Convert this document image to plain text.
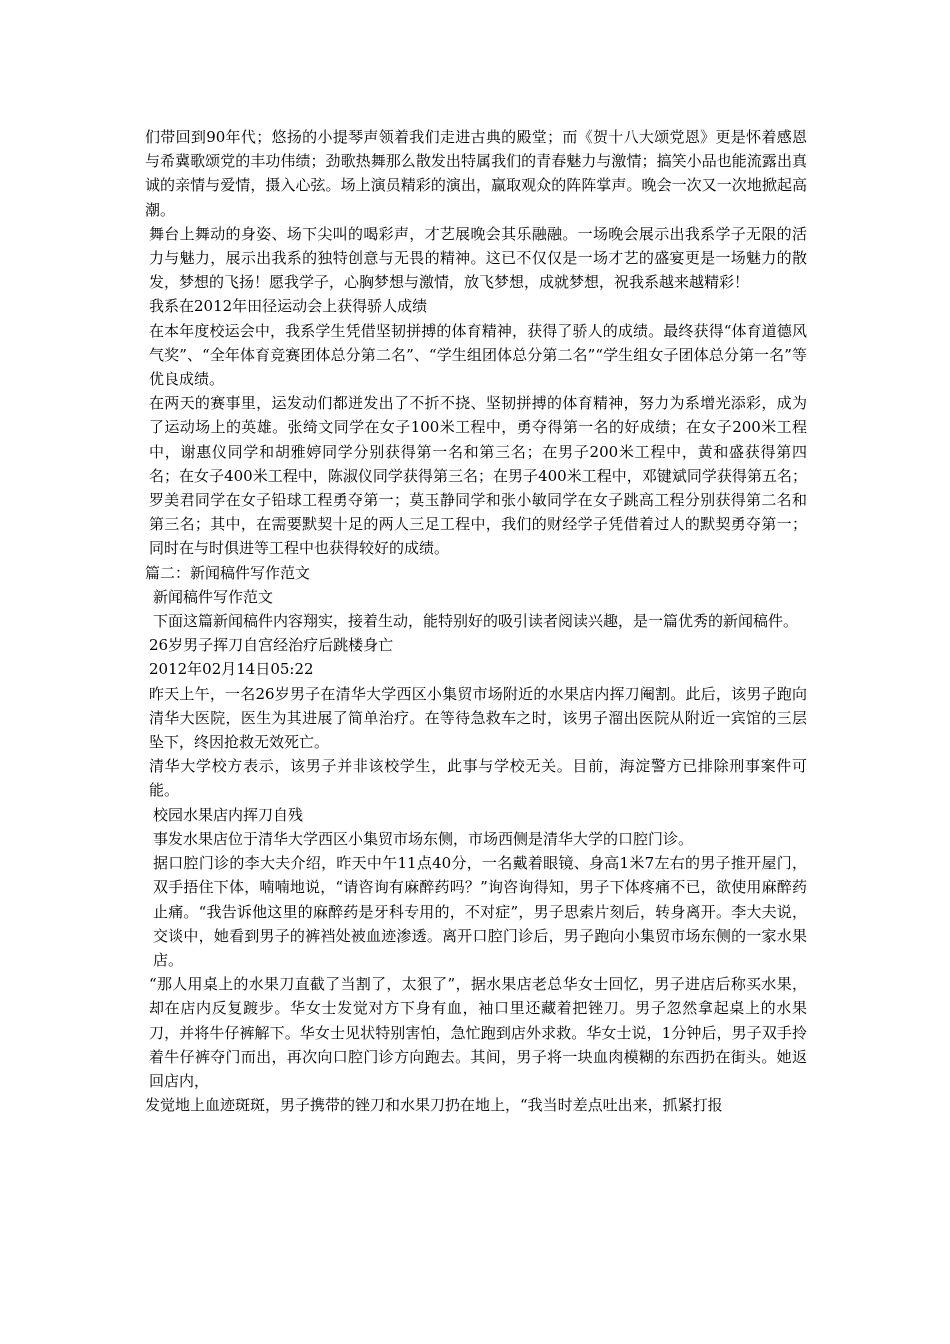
们带回到90年代；悠扬的小提琴声领着我们走进古典的殿堂；而《贺十八大颂党恩》更是怀着感恩与希冀歌颂党的丰功伟绩；劲歌热舞那么散发出特属我们的青春魅力与激情；搞笑小品也能流露出真诚的亲情与爱情，摄入心弦。场上演员精彩的演出，赢取观众的阵阵掌声。晚会一次又一次地掀起高潮。

舞台上舞动的身姿、场下尖叫的喝彩声，才艺展晚会其乐融融。一场晚会展示出我系学子无限的活力与魅力，展示出我系的独特创意与无畏的精神。这已不仅仅是一场才艺的盛宴更是一场魅力的散发，梦想的飞扬！愿我学子，心胸梦想与激情，放飞梦想，成就梦想，祝我系越来越精彩！

我系在2012年田径运动会上获得骄人成绩

在本年度校运会中，我系学生凭借坚韧拼搏的体育精神，获得了骄人的成绩。最终获得“体育道德风气奖”、“全年体育竞赛团体总分第二名”、“学生组团体总分第二名”“学生组女子团体总分第一名”等优良成绩。

在两天的赛事里，运发动们都迸发出了不折不挠、坚韧拼搏的体育精神，努力为系增光添彩，成为了运动场上的英雄。张绮文同学在女子100米工程中，勇夺得第一名的好成绩；在女子200米工程中，谢惠仪同学和胡雅婷同学分别获得第一名和第三名；在男子200米工程中，黄和盛获得第四名；在女子400米工程中，陈淑仪同学获得第三名；在男子400米工程中，邓键斌同学获得第五名；罗美君同学在女子铅球工程勇夺第一；莫玉静同学和张小敏同学在女子跳高工程分别获得第二名和第三名；其中，在需要默契十足的两人三足工程中，我们的财经学子凭借着过人的默契勇夺第一；同时在与时俱进等工程中也获得较好的成绩。

篇二：新闻稿件写作范文

新闻稿件写作范文

下面这篇新闻稿件内容翔实，接着生动，能特别好的吸引读者阅读兴趣，是一篇优秀的新闻稿件。

26岁男子挥刀自宫经治疗后跳楼身亡

2012年02月14日05:22

昨天上午，一名26岁男子在清华大学西区小集贸市场附近的水果店内挥刀阉割。此后，该男子跑向清华大医院，医生为其进展了简单治疗。在等待急救车之时，该男子溜出医院从附近一宾馆的三层坠下，终因抢救无效死亡。

清华大学校方表示，该男子并非该校学生，此事与学校无关。目前，海淀警方已排除刑事案件可能。

校园水果店内挥刀自残

事发水果店位于清华大学西区小集贸市场东侧，市场西侧是清华大学的口腔门诊。

据口腔门诊的李大夫介绍，昨天中午11点40分，一名戴着眼镜、身高1米7左右的男子推开屋门，双手捂住下体，喃喃地说，“请咨询有麻醉药吗？”询咨询得知，男子下体疼痛不已，欲使用麻醉药止痛。“我告诉他这里的麻醉药是牙科专用的，不对症”，男子思索片刻后，转身离开。李大夫说，交谈中，她看到男子的裤裆处被血迹渗透。离开口腔门诊后，男子跑向小集贸市场东侧的一家水果店。

“那人用桌上的水果刀直截了当割了，太狠了”，据水果店老总华女士回忆，男子进店后称买水果，却在店内反复踱步。华女士发觉对方下身有血，袖口里还藏着把锉刀。男子忽然拿起桌上的水果刀，并将牛仔裤解下。华女士见状特别害怕，急忙跑到店外求救。华女士说，1分钟后，男子双手拎着牛仔裤夺门而出，再次向口腔门诊方向跑去。其间，男子将一块血肉模糊的东西扔在街头。她返回店内，

发觉地上血迹斑斑，男子携带的锉刀和水果刀扔在地上，“我当时差点吐出来，抓紧打报
